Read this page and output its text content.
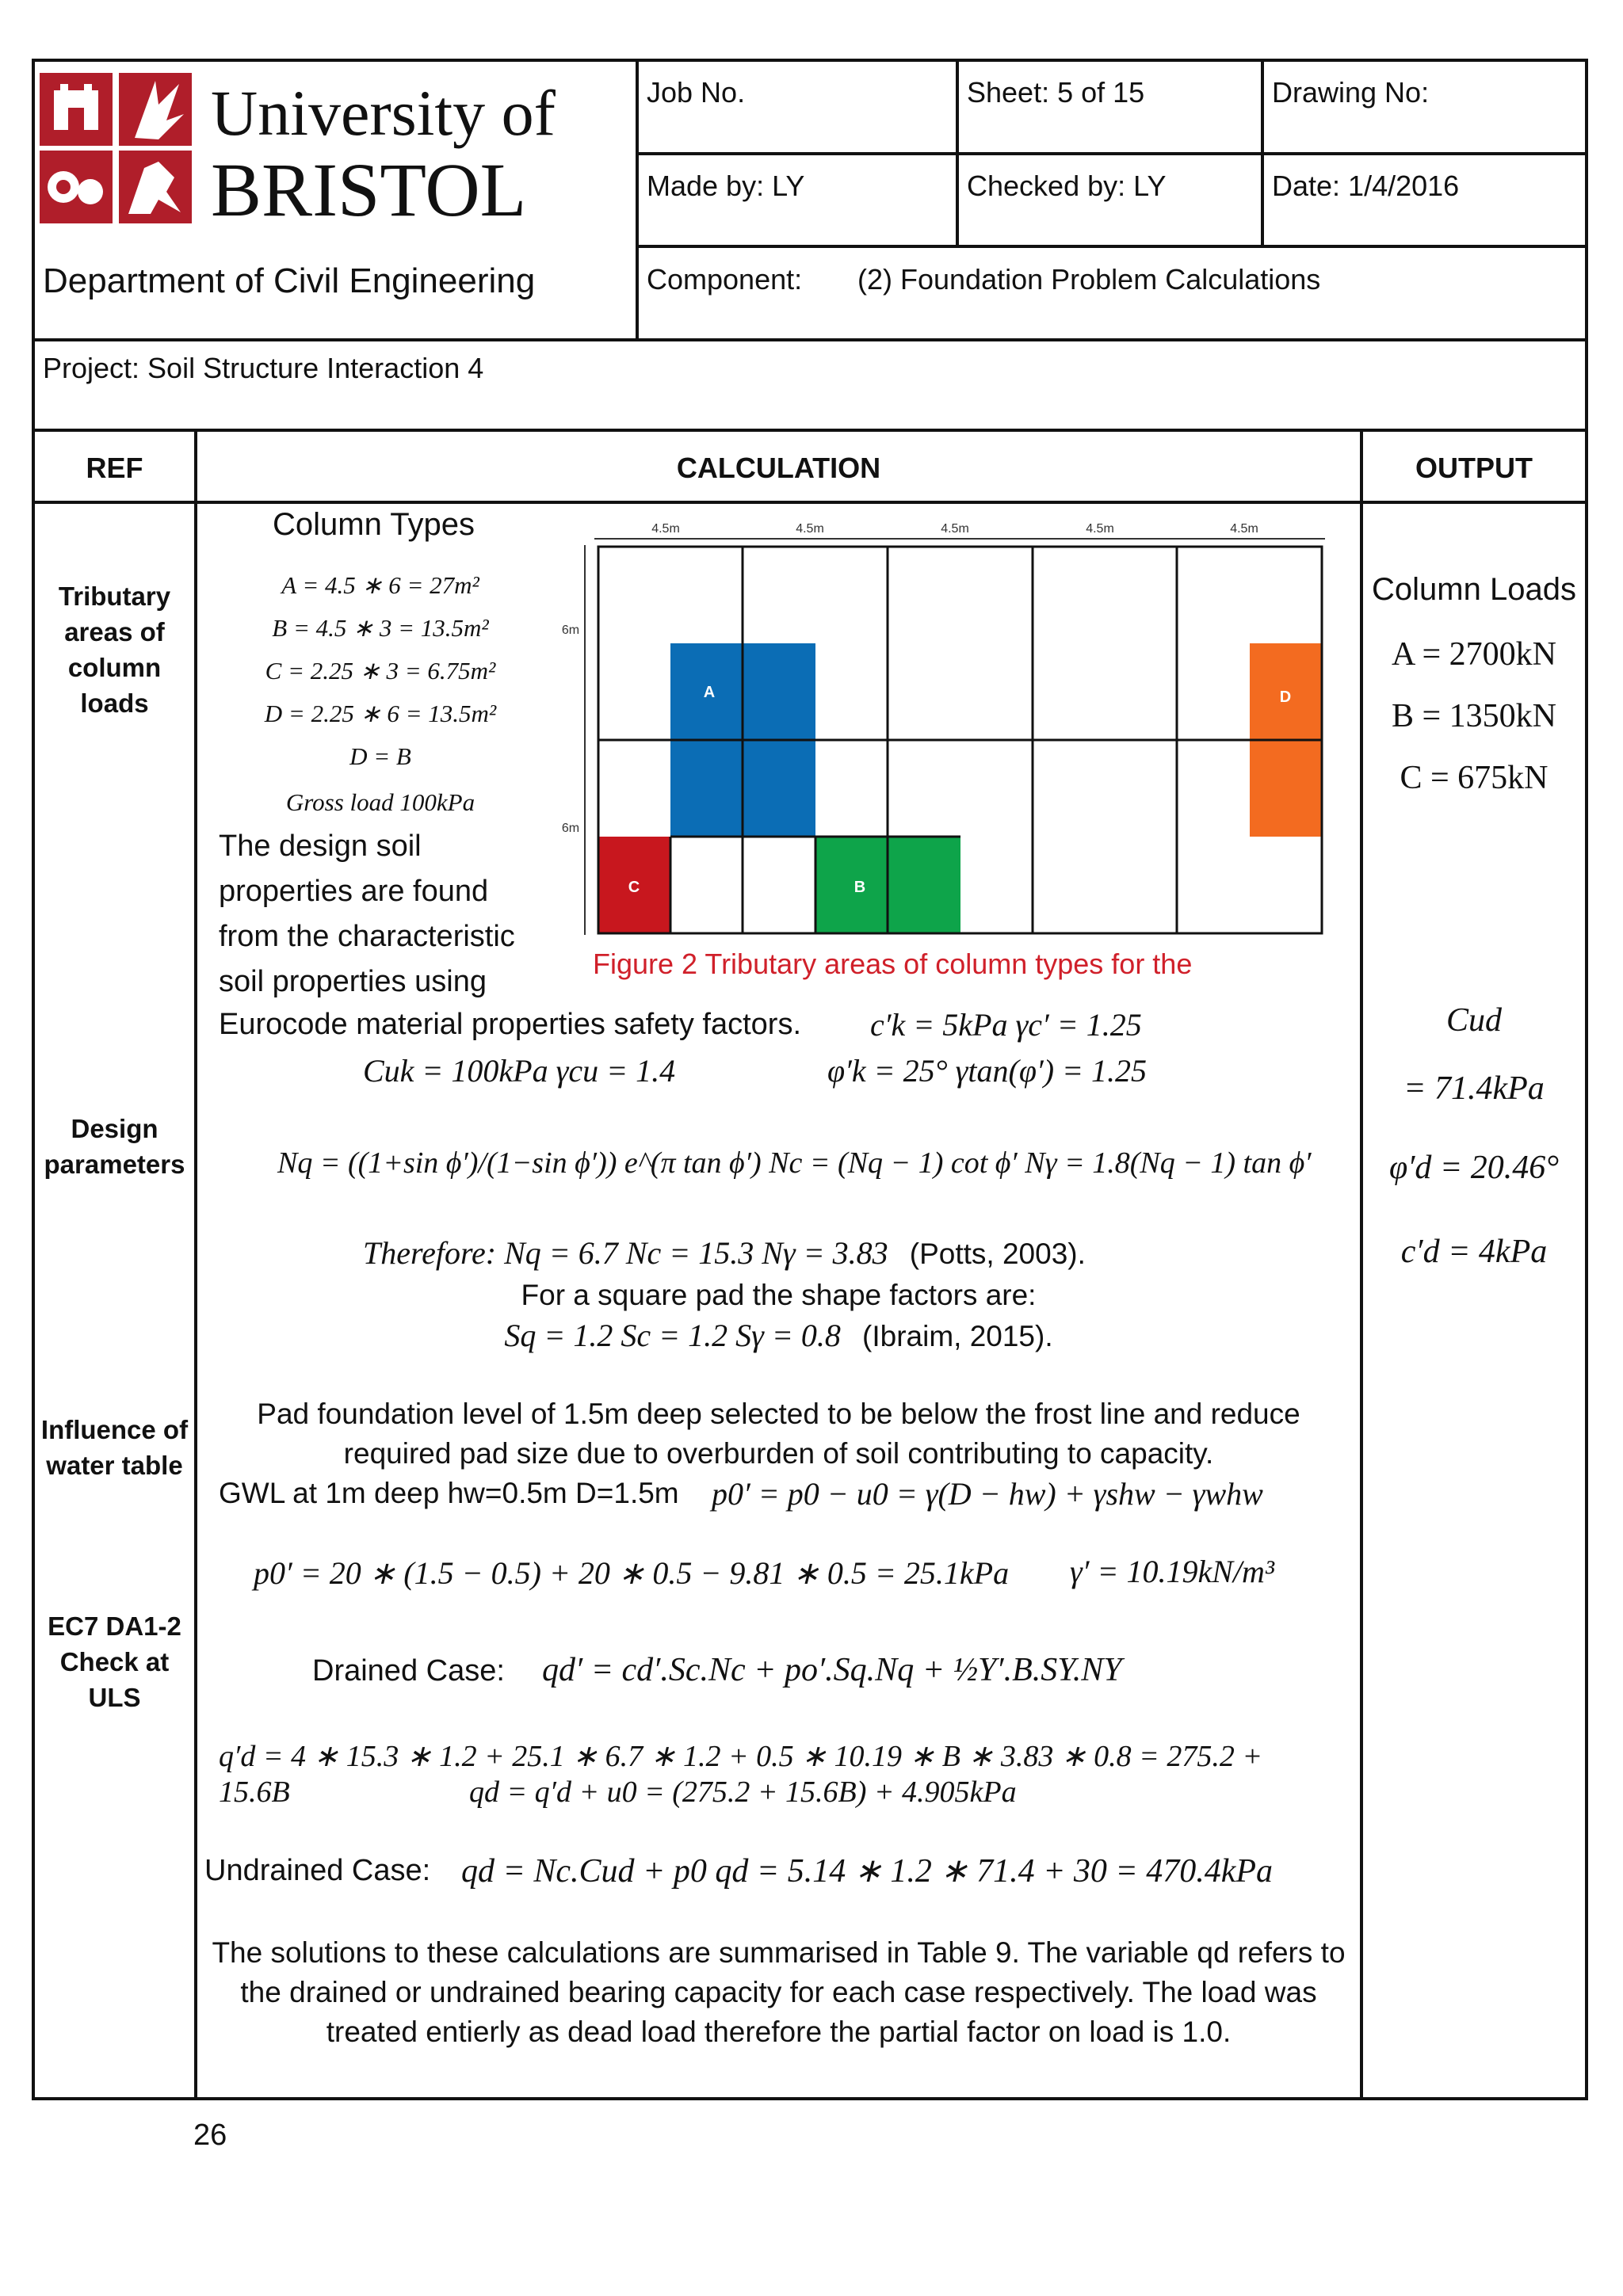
University of
BRISTOL
Department of Civil Engineering
Job No.	Sheet: 5 of 15	Drawing No:
Made by: LY	Checked by: LY	Date: 1/4/2016
Component: (2) Foundation Problem Calculations
Project: Soil Structure Interaction 4
REF	CALCULATION	OUTPUT
Tributary
areas of
column
loads
Design
parameters
Influence of
water table
EC7 DA1-2
Check at ULS
Column Types
A = 4.5 ∗ 6 = 27m²
B = 4.5 ∗ 3 = 13.5m²
C = 2.25 ∗ 3 = 6.75m²
D = 2.25 ∗ 6 = 13.5m²
D = B
Gross load 100kPa
The design soil
properties are found
from the characteristic
soil properties using
4.5m	4.5m	4.5m	4.5m	4.5m
6m
6m
A
B
C
D
Figure 2 Tributary areas of column types for the
Eurocode material properties safety factors. c′k = 5kPa γc′ = 1.25
Cuk = 100kPa γcu = 1.4	φ′k = 25° γtan(φ′) = 1.25
Nq = ((1+sin ϕ′)/(1−sin ϕ′)) e^(π tan ϕ′) Nc = (Nq − 1) cot ϕ′ Nγ = 1.8(Nq − 1) tan ϕ′
Therefore: Nq = 6.7 Nc = 15.3 Nγ = 3.83 (Potts, 2003).
For a square pad the shape factors are:
Sq = 1.2 Sc = 1.2 Sγ = 0.8 (Ibraim, 2015).
Pad foundation level of 1.5m deep selected to be below the frost line and reduce
required pad size due to overburden of soil contributing to capacity.
GWL at 1m deep hw=0.5m D=1.5m p0′ = p0 − u0 = γ(D − hw) + γshw − γwhw
p0′ = 20 ∗ (1.5 − 0.5) + 20 ∗ 0.5 − 9.81 ∗ 0.5 = 25.1kPa γ′ = 10.19kN/m³
Drained Case: qd′ = cd′.Sc.Nc + po′.Sq.Nq + ½Υ′.B.SΥ.NΥ
q′d = 4 ∗ 15.3 ∗ 1.2 + 25.1 ∗ 6.7 ∗ 1.2 + 0.5 ∗ 10.19 ∗ B ∗ 3.83 ∗ 0.8 = 275.2 +
15.6B	qd = q′d + u0 = (275.2 + 15.6B) + 4.905kPa
Undrained Case: qd = Nc.Cud + p0 qd = 5.14 ∗ 1.2 ∗ 71.4 + 30 = 470.4kPa
The solutions to these calculations are summarised in Table 9. The variable qd refers to
the drained or undrained bearing capacity for each case respectively. The load was
treated entierly as dead load therefore the partial factor on load is 1.0.
Column Loads
A = 2700kN
B = 1350kN
C = 675kN
Cud
= 71.4kPa
φ′d = 20.46°
c′d = 4kPa
26
